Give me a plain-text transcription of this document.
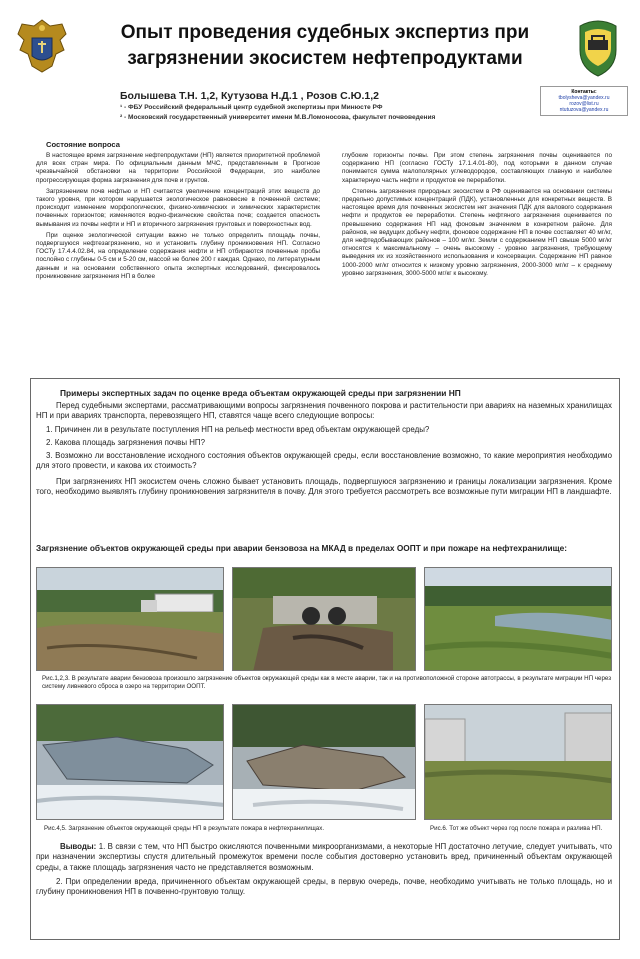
Опыт проведения судебных экспертиз при
загрязнении экосистем нефтепродуктами
Болышева Т.Н. 1,2, Кутузова Н.Д.1 , Розов С.Ю.1,2
¹ - ФБУ Российский федеральный центр судебной экспертизы при Минюсте РФ
² - Московский государственный университет имени М.В.Ломоносова, факультет почвоведения
Контакты:
tbolysheva@yandex.ru
rozov@list.ru
ntutuzova@yandex.ru
Состояние вопроса

В настоящее время загрязнение нефтепродуктами (НП) является приоритетной проблемой для всех стран мира. По официальным данным МЧС, представленным в Прогнозе чрезвычайной обстановки на территории Российской Федерации, это наиболее прогрессирующая форма загрязнения для почв и грунтов.

Загрязнением почв нефтью и НП считается увеличение концентраций этих веществ до такого уровня, при котором нарушается экологическое равновесие в почвенной системе; происходит изменение морфологических, физико-химических и химических характеристик почвенных горизонтов; изменяются водно-физические свойства почв; создается опасность вымывания из почвы нефти и НП и вторичного загрязнения грунтовых и поверхностных вод.

При оценке экологической ситуации важно не только определить площадь почвы, подвергшуюся нефтезагрязнению, но и установить глубину проникновения НП. Согласно ГОСТу 17.4.4.02.84, на определение содержания нефти и НП отбираются почвенные пробы послойно с глубины 0-5 см и 5-20 см, массой не более 200 г каждая. Однако, по литературным данным и на основании собственного опыта экспертных исследований, фиксировалось проникновение загрязнения НП в более

глубокие горизонты почвы. При этом степень загрязнения почвы оценивается по содержанию НП (согласно ГОСТу 17.1.4.01-80), под которыми в данном случае понимается сумма малополярных углеводородов, составляющих главную и наиболее характерную часть нефти и продуктов ее переработки.

Степень загрязнения природных экосистем в РФ оценивается на основании системы предельно допустимых концентраций (ПДК), установленных для конкретных веществ. В настоящее время для почвенных экосистем нет значения ПДК для валового содержания нефти и продуктов ее переработки. Степень нефтяного загрязнения оценивается по превышению содержания НП над фоновым значением в конкретном районе. Для районов, не ведущих добычу нефти, фоновое содержание НП в почве составляет 40 мг/кг, для нефтедобывающих районов – 100 мг/кг. Земли с содержанием НП свыше 5000 мг/кг относятся к максимальному – очень высокому - уровню загрязнения, требующему выведения их из хозяйственного использования и консервации. Содержание НП равное 1000-2000 мг/кг относится к низкому уровню загрязнения, 2000-3000 мг/кг – к среднему уровню загрязнения, 3000-5000 мг/кг к высокому.

Примеры экспертных задач по оценке вреда объектам окружающей среды при загрязнении НП

Перед судебными экспертами, рассматривающими вопросы загрязнения почвенного покрова и растительности при авариях на наземных хранилищах НП и при авариях транспорта, перевозящего НП, ставятся чаще всего следующие вопросы:

1. Причинен ли в результате поступления НП на рельеф местности вред объектам окружающей среды?

2. Какова площадь загрязнения почвы НП?

3. Возможно ли восстановление исходного состояния объектов окружающей среды, если восстановление возможно, то какие мероприятия необходимо для этого провести, и какова их стоимость?

При загрязнениях НП экосистем очень сложно бывает установить площадь, подвергшуюся загрязнению и границы локализации загрязнения. Кроме того, необходимо выявлять глубину проникновения загрязнителя в почву. Для этого требуется рассмотреть все возможные пути миграции НП в ландшафте.

Загрязнение объектов окружающей среды при аварии бензовоза на МКАД в пределах ООПТ и при пожаре на нефтехранилище:
Рис.1,2,3. В результате аварии бензовоза произошло загрязнение объектов окружающей среды как в месте аварии, так и на противоположной стороне автотрассы, в результате миграции НП через систему ливневого сброса в озеро на территории ООПТ.
Рис.4,5. Загрязнение объектов окружающей среды НП в результате пожара в нефтехранилищах.	Рис.6. Тот же объект через год после пожара и разлива НП.

Выводы: 1. В связи с тем, что НП быстро окисляются почвенными микроорганизмами, а некоторые НП достаточно летучие, следует учитывать, что при назначении экспертизы спустя длительный промежуток времени после события достоверно установить вред, причиненный объектам окружающей среды, а также площадь загрязнения часто не представляется возможным.

2. При определении вреда, причиненного объектам окружающей среды, в первую очередь, почве, необходимо учитывать не только площадь, но и глубину проникновения НП в почвенно-грунтовую толщу.
